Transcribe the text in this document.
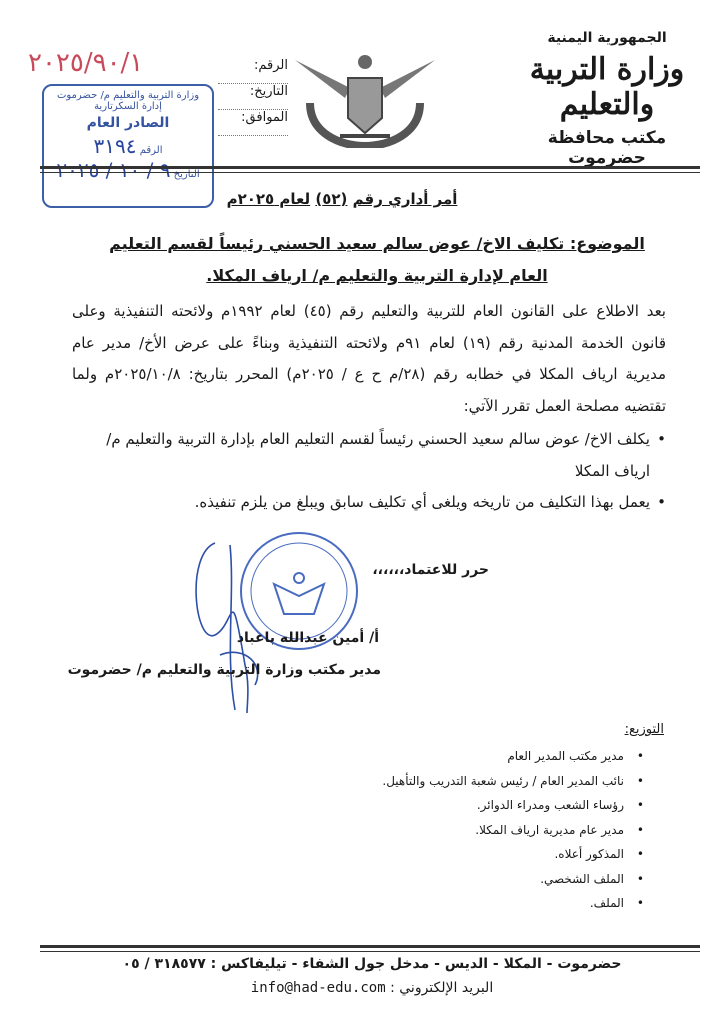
الجمهورية اليمنية
وزارة التربية والتعليم
مكتب محافظة حضرموت
الرقم:
التاريخ:
الموافق:
٢٠٢٥/٩٠/١
وزارة التربية والتعليم م/ حضرموت
إدارة السكرتارية
الصادر العام
الرقم ٣١٩٤
التاريخ ٩ / ١٠ / ٢٠٢٥
أمر أداري رقم (٥٢) لعام ٢٠٢٥م
الموضوع: تكليف الاخ/ عوض سالم سعيد الحسني رئيساً لقسم التعليم العام لإدارة التربية والتعليم م/ ارياف المكلا.
بعد الاطلاع على القانون العام للتربية والتعليم رقم (٤٥) لعام ١٩٩٢م ولائحته التنفيذية وعلى قانون الخدمة المدنية رقم (١٩) لعام ٩١م ولائحته التنفيذية وبناءً على عرض الأخ/ مدير عام مديرية ارياف المكلا في خطابه رقم (٢٨/م ح ع / ٢٠٢٥م) المحرر بتاريخ: ٢٠٢٥/١٠/٨م ولما تقتضيه مصلحة العمل تقرر الآتي:
• يكلف الاخ/ عوض سالم سعيد الحسني رئيساً لقسم التعليم العام بإدارة التربية والتعليم م/ ارياف المكلا
• يعمل بهذا التكليف من تاريخه ويلغى أي تكليف سابق ويبلغ من يلزم تنفيذه.
حرر للاعتماد،،،،،،
أ/ أمين عبدالله باعباد
مدير مكتب وزارة التربية والتعليم م/ حضرموت
التوزيع:
• مدير مكتب المدير العام
• نائب المدير العام / رئيس شعبة التدريب والتأهيل.
• رؤساء الشعب ومدراء الدوائر.
• مدير عام مديرية ارياف المكلا.
• المذكور أعلاه.
• الملف الشخصي.
• الملف.
حضرموت - المكلا - الديس - مدخل جول الشفاء - تيليفاكس : ٣١٨٥٧٧ / ٠٥
البريد الإلكتروني : info@had-edu.com
